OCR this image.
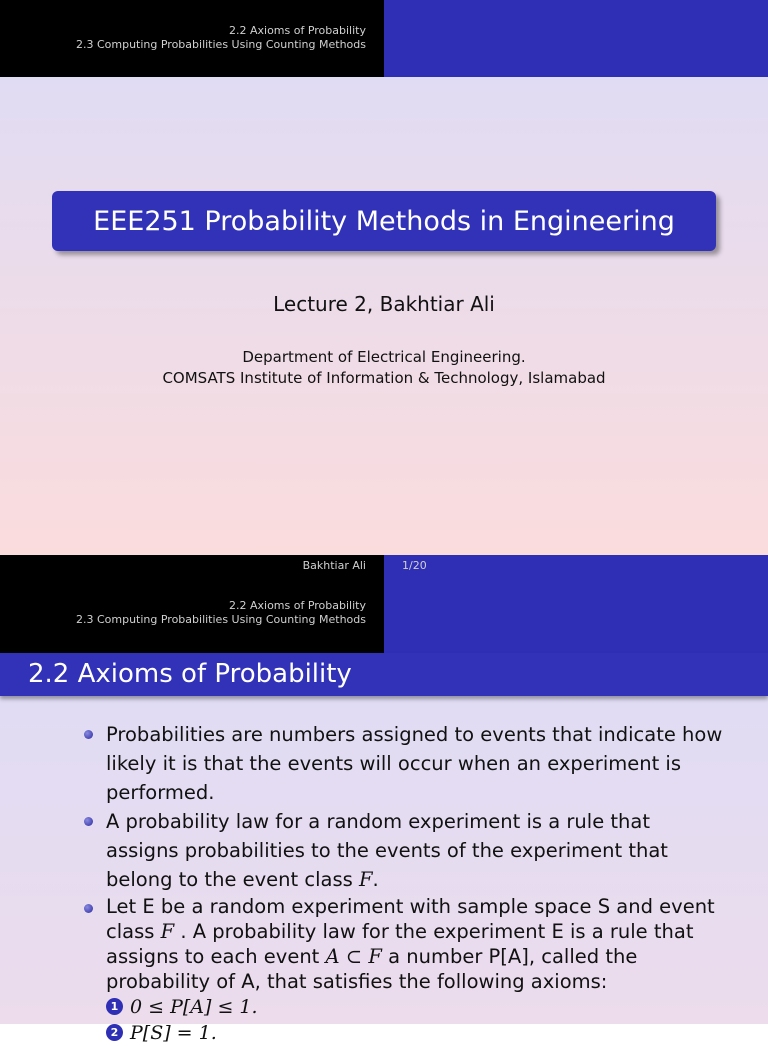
2.2 Axioms of Probability
2.3 Computing Probabilities Using Counting Methods
EEE251 Probability Methods in Engineering
Lecture 2, Bakhtiar Ali
Department of Electrical Engineering.
COMSATS Institute of Information & Technology, Islamabad
Bakhtiar Ali	1/20
2.2 Axioms of Probability
2.3 Computing Probabilities Using Counting Methods
2.2 Axioms of Probability
Probabilities are numbers assigned to events that indicate how likely it is that the events will occur when an experiment is performed.
A probability law for a random experiment is a rule that assigns probabilities to the events of the experiment that belong to the event class F.
Let E be a random experiment with sample space S and event class F . A probability law for the experiment E is a rule that assigns to each event A ⊂ F a number P[A], called the probability of A, that satisfies the following axioms:
1 0 ≤ P[A] ≤ 1.
2 P[S] = 1.
